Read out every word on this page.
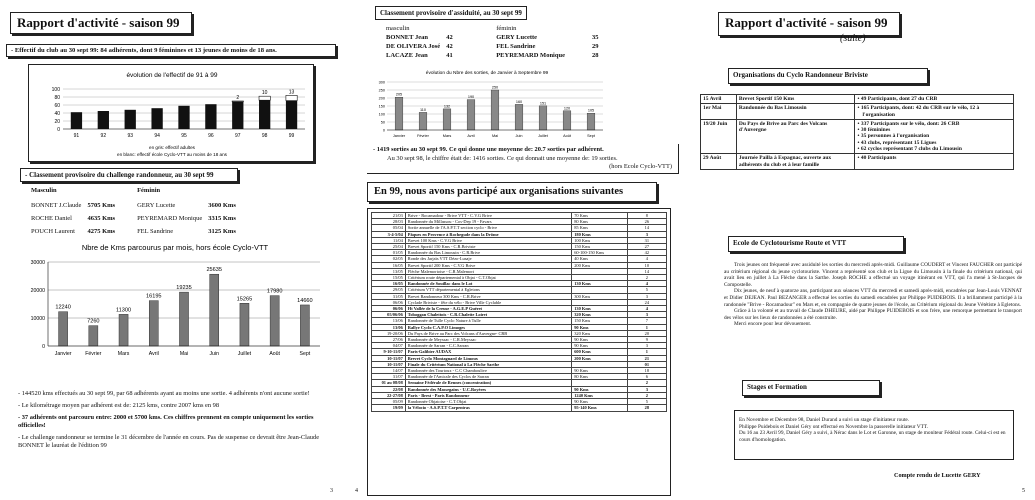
Rapport d'activité - saison 99
- Effectif du club au 30 sept 99: 84 adhérents, dont 9 féminines et 13 jeunes de moins de 18 ans.
évolution de l'effectif de 91 à 99
0
20
40
60
80
100
91	92	93	94	95	96
2
97
10
98
13
99
en gris: effectif adultes
en blanc: effectif école Cyclo-VTT au moins de 18 ans
- Classement provisoire du challenge randonneur, au 30 sept 99
Masculin			Féminin	

BONNET J.Claude	5705 Kms		GERY Lucette	3600 Kms

ROCHE Daniel	4635 Kms		PEYREMARD Monique	3315 Kms

POUCH Laurent	4275 Kms		FEL Sandrine	3125 Kms
Nbre de Kms parcourus par mois, hors école Cyclo-VTT
0
10000
20000
30000
12240
Janvier
7260
Février
11300
Mars
16195
Avril
19235
Mai
25635
Juin
15265
Juillet
17980
Août
14660
Sept
- 144520 kms effectués au 30 sept 99, par 68 adhérents ayant au moins une sortie. 4 adhérents n'ont aucune sortie!
- Le kilométrage moyen par adhérent est de: 2125 kms, contre 2007 kms en 98
- 37 adhérents ont parcouru entre: 2000 et 5700 kms. Ces chiffres prennent en compte uniquement les sorties officielles!
- Le challenge randonneur se termine le 31 décembre de l'année en cours. Pas de suspense ce devrait être Jean-Claude BONNET le lauréat de l'édition 99
3
Classement provisoire d'assiduité, au 30 sept 99
masculin			féminin	
BONNET Jean	42		GERY Lucette	35
DE OLIVERA José	42		FEL Sandrine	29
LACAZE Jean	41		PEYREMARD Monique	28
évolution du Nbre des sorties, de Janvier à Septembre 99
0
50
100
150
200
250
300
205
Janvier
110
Février
132
Mars
190
Avril
250
Mai
160
Juin
151
Juillet
120
Août
105
Sept
- 1419 sorties au 30 sept 99. Ce qui donne une moyenne de: 20.7 sorties par adhérent.
Au 30 sept 98, le chiffre était de: 1416 sorties. Ce qui donnait une moyenne de: 19 sorties.
(hors Ecole Cyclo-VTT)
En 99, nous avons participé aux organisations suivantes
21/03	Brive - Rocamadour - Brive VTT - C.V.G Brive	70 Kms	8
28/03	Randonnée du Millassou - Cos-Dep 19 - Favars	80 Kms	26
05/04	Sortie annuelle de l'A.S.P.T.T section cyclo - Brive	85 Kms	14
3-4-5/04	Pâques en Provence à Rochegude dans la Drôme	180 Kms	3
11/04	Brevet 100 Kms - C.V.G Brive	100 Kms	31
25/04	Brevet Sportif 150 Kms - C.R.Briviste	150 Kms	27
01/05	Randonnée du Bas Limousin - C.R.Brive	60-100-150 Kms	42
02/05	Ronde des Jarjaïs VTT Dézo-Lusaje	40 Kms	4
16/05	Brevet Sportif 200 Kms - C.V.G Brive	200 Kms	10
13/05	Flèche Malemortoise - C.R.Malemort		14
15/05	Critérium route départemental à Objat - C.T.Objat		2
16/05	Randonnée de Souillac dans le Lot	130 Kms	4
29/05	Critérium VTT départemental à Egletons		5
31/05	Brevet Randonneur 300 Kms - C.R.Brive	300 Kms	3
06/06	Cyclade Briviste - fête du vélo - Brive Ville Cyclable		24
06/06	Ht Vallée de la Creuse - A.G.E.P Guéret	130 Kms	4
05/06/06	Toboggan Chalettois - C.R.Chalette Loiret	320 Kms	3
13/06	Randonnée de Tulle Cyclo Nature à Tulle	150 Kms	7
13/06	Rallye Cyclo C.A.P.O Limoges	90 Kms	1
19-20/06	Du Pays de Brive au Parc des Volcans d'Auvergne- CRB	320 Kms	20
27/06	Randonnée de Meyssac - C.R.Meyssac	90 Kms	9
04/07	Randonnée de Sarran - C.C.Sarran	90 Kms	3
9-10-11/07	Paris-Galibier AUDAX	600 Kms	1
10-11/07	Brevet Cyclo Montagnard de Limoux	200 Kms	21
10-11/07	Finale du Critérium National à La Flèche Sarthe		01
14/07	Randonnée des Tourtoux - C.C Chamboulive	90 Kms	18
31/07	Randonnée de l'Amicale des Cyclos de Sarran	80 Kms	6
01 au 08/08	Semaine Fédérale de Rennes (concentration)		2
22/08	Randonnée des Massegains - U.C.Royères	90 Kms	3
22-27/08	Paris - Brest - Paris Randonneur	1240 Kms	2
05/09	Randonnée Objatoise - C.T.Objat	90 Kms	5
19/09	la Vélocio - A.S.P.T.T Carpentras	95-140 Kms	28
4
Rapport d'activité - saison 99
(suite)
Organisations du Cyclo Randonneur Briviste
15 Avril	Brevet Sportif 150 Kms	• 49 Participants, dont 27 du CRB

1er Mai	Randonnée du Bas Limousin	• 165 Participants, dont: 42 du CRB sur le vélo, 12 à l'organisation

19/20 Juin	Du Pays de Brive au Parc des Volcans d'Auvergne	• 337 Participants sur le vélo, dont: 26 CRB
• 30 féminines
• 35 personnes à l'organisation
• 43 clubs, représentant 15 Ligues
• 62 cyclos représentant 7 clubs du Limousin

29 Août	Journée Pailla à Espagnac, ouverte aux adhérents du club et à leur famille	• 40 Participants
Ecole de Cyclotourisme Route et VTT

Trois jeunes ont fréquenté avec assiduité les sorties du mercredi après-midi. Guillaume COUDERT et Vincent FAUCHER ont participé au critérium régional du jeune cyclotouriste. Vincent a représenté son club et la Ligue du Limousin à la finale du critérium national, qui avait lieu en juillet à La Flèche dans la Sarthe. Joseph ROCHE a effectué un voyage itinérant en VTT, qui l'a mené à St-Jacques de Compostelle.

Dix jeunes, de neuf à quatorze ans, participant aux séances VTT du mercredi et samedi après-midi, encadrées par Jean-Louis VENNAT et Didier DEJEAN. Paul BEZANGER a effectué les sorties du samedi encadrées par Philippe PUIDEBOIS. Il a brillamment participé à la randonnée "Brive - Rocamadour" en Mars et, en compagnie de quatre jeunes de l'école, au Critérium régional du Jeune Vététiste à Egletons.

Grâce à la volonté et au travail de Claude DHEURE, aidé par Philippe PUIDEBOIS et son frère, une remorque permettant le transport des vélos sur les lieux de randonnées a été construite.

Merci encore pour leur dévouement.

Stages et Formation
En Novembre et Décembre 98, Daniel Durand a suivi un stage d'initiateur route.
Philippe Puidebois et Daniel Géry ont effectué en Novembre la passerelle initiateur VTT.
Du 16 au 23 Avril 99, Daniel Géry a suivi, à Nérac dans le Lot et Garonne, un stage de moniteur Fédéral route. Celui-ci est en cours d'homologation.
Compte rendu de Lucette GERY
5
